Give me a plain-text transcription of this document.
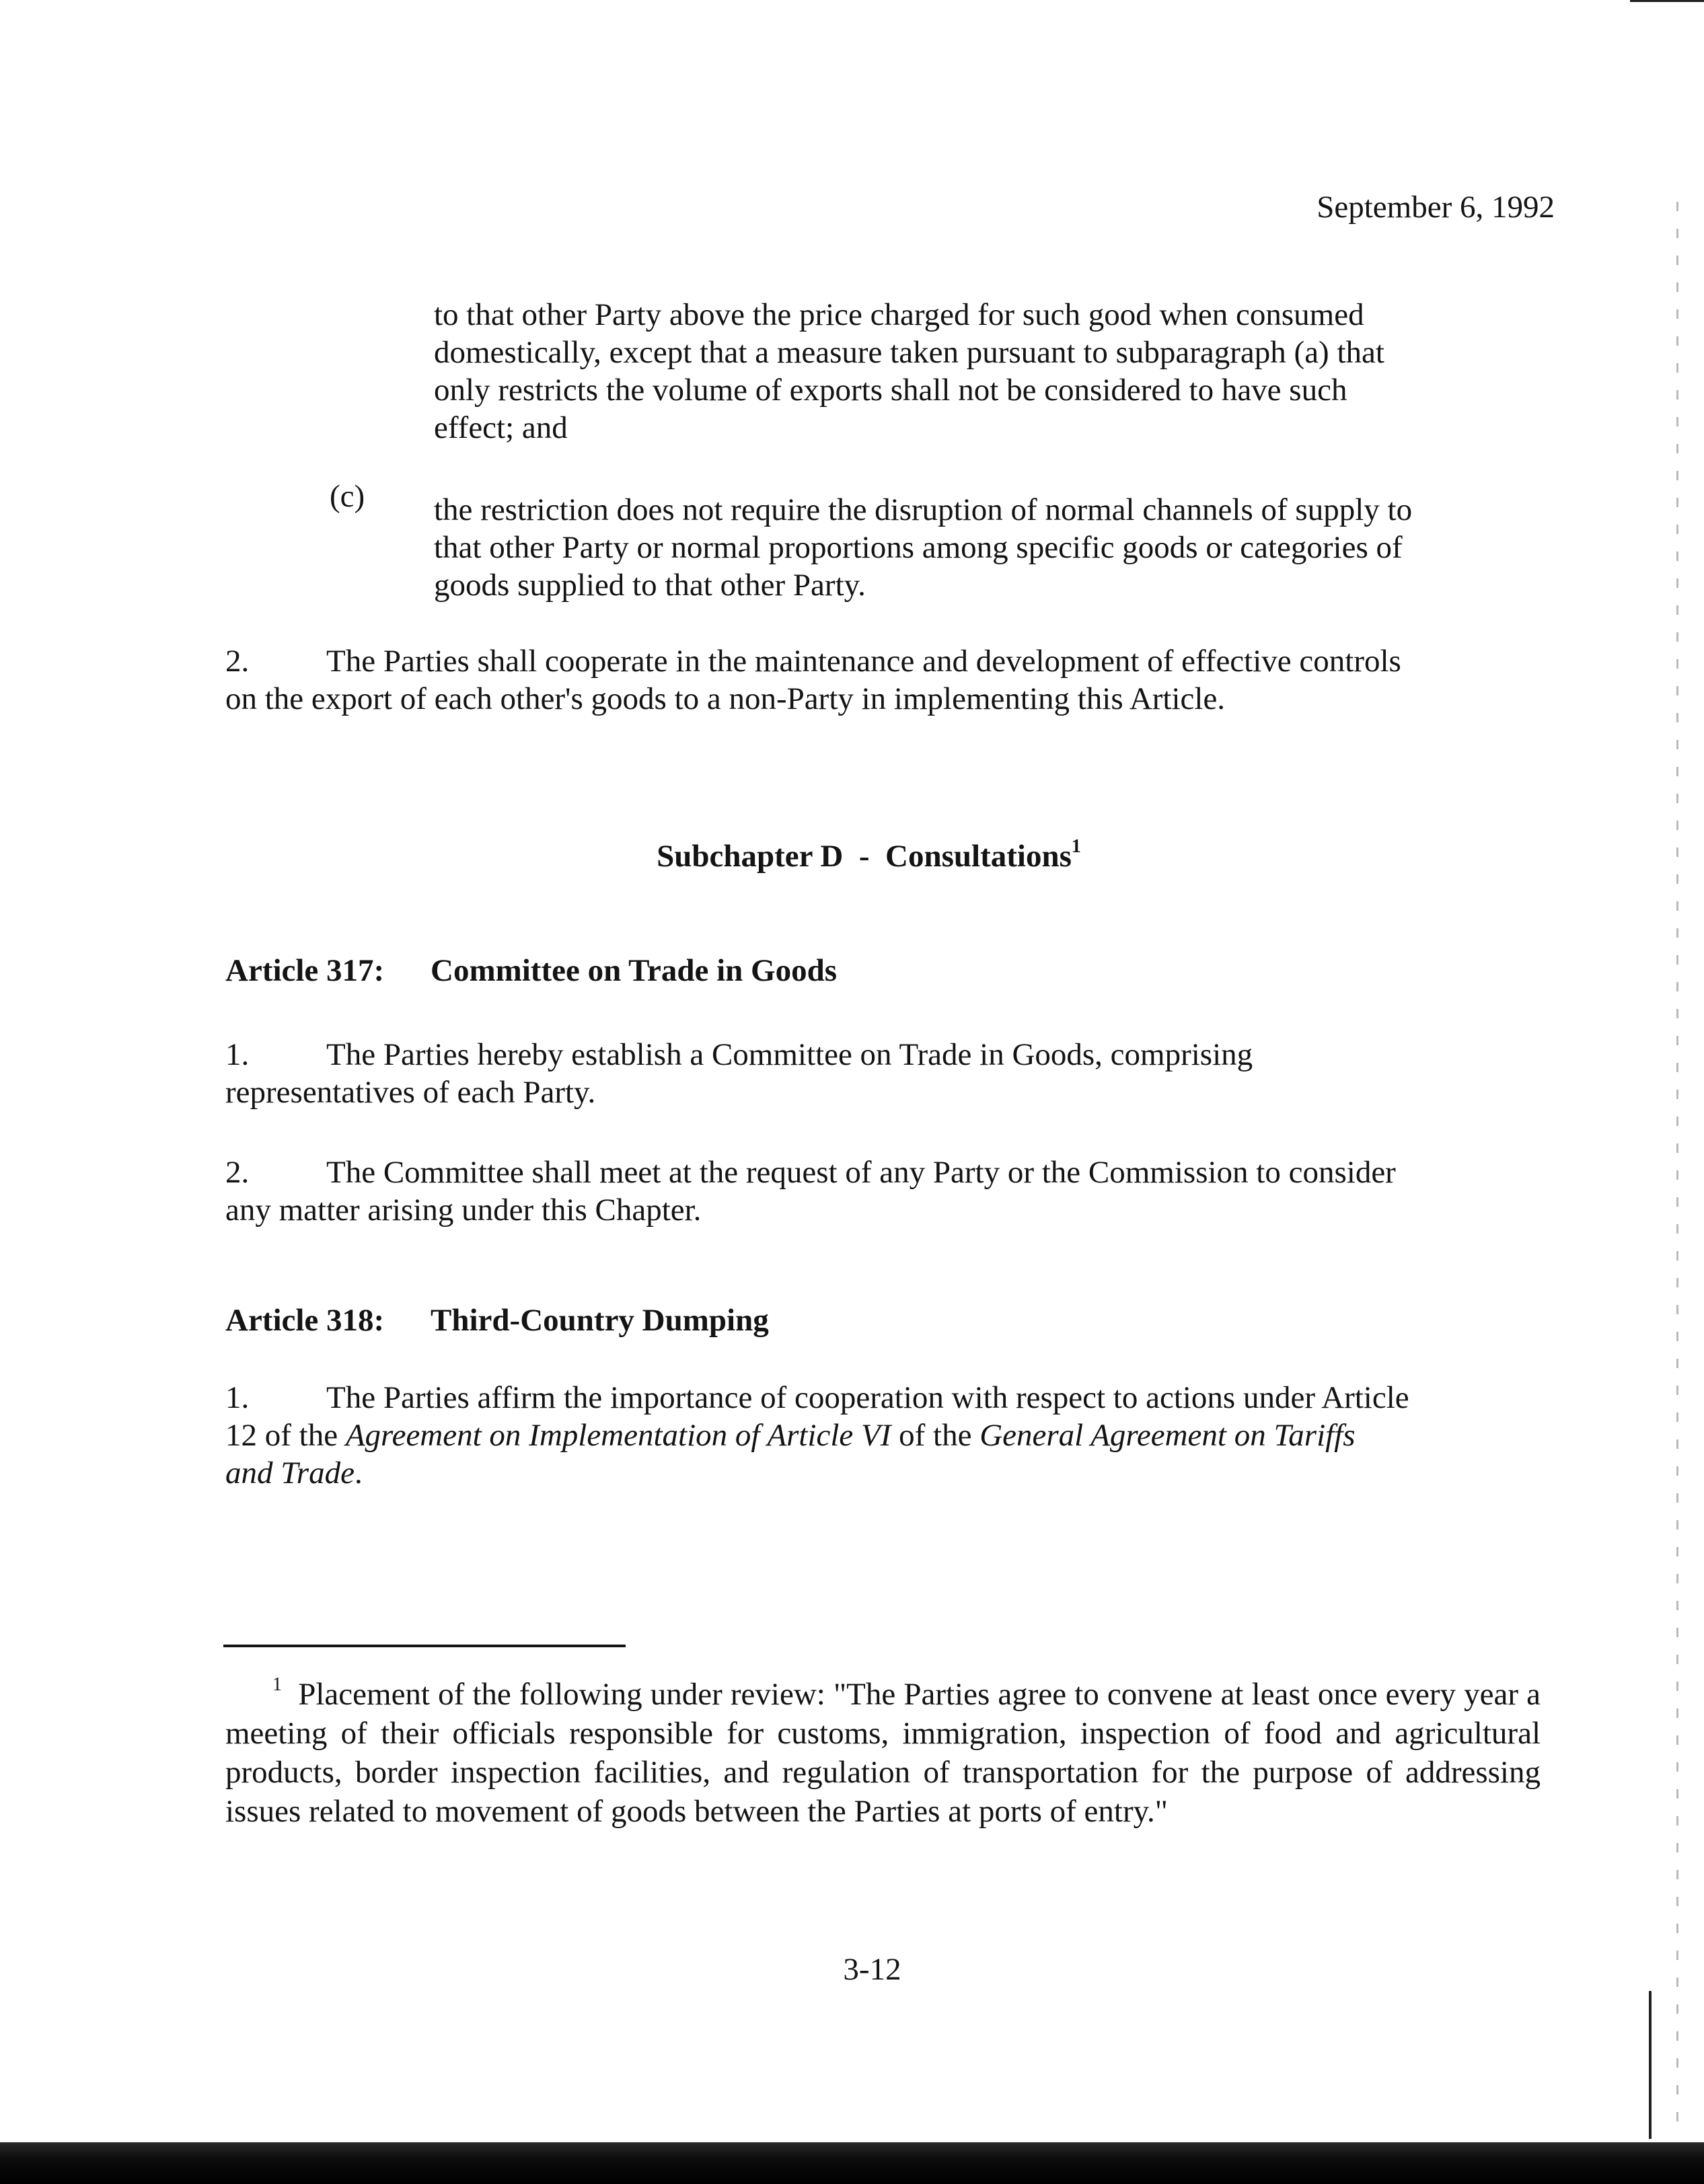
September 6, 1992

to that other Party above the price charged for such good when consumed
domestically, except that a measure taken pursuant to subparagraph (a) that
only restricts the volume of exports shall not be considered to have such
effect; and

(c) the restriction does not require the disruption of normal channels of supply to
that other Party or normal proportions among specific goods or categories of
goods supplied to that other Party.

2. The Parties shall cooperate in the maintenance and development of effective controls
on the export of each other's goods to a non-Party in implementing this Article.

Subchapter D  -  Consultations$^1$

Article 317: Committee on Trade in Goods

1. The Parties hereby establish a Committee on Trade in Goods, comprising
representatives of each Party.

2. The Committee shall meet at the request of any Party or the Commission to consider
any matter arising under this Chapter.

Article 318: Third-Country Dumping

1. The Parties affirm the importance of cooperation with respect to actions under Article
12 of the Agreement on Implementation of Article VI of the General Agreement on Tariffs
and Trade.

$^1$ Placement of the following under review: "The Parties agree to convene at least once every year a meeting of their officials responsible for customs, immigration, inspection of food and agricultural products, border inspection facilities, and regulation of transportation for the purpose of addressing issues related to movement of goods between the Parties at ports of entry."

3-12
